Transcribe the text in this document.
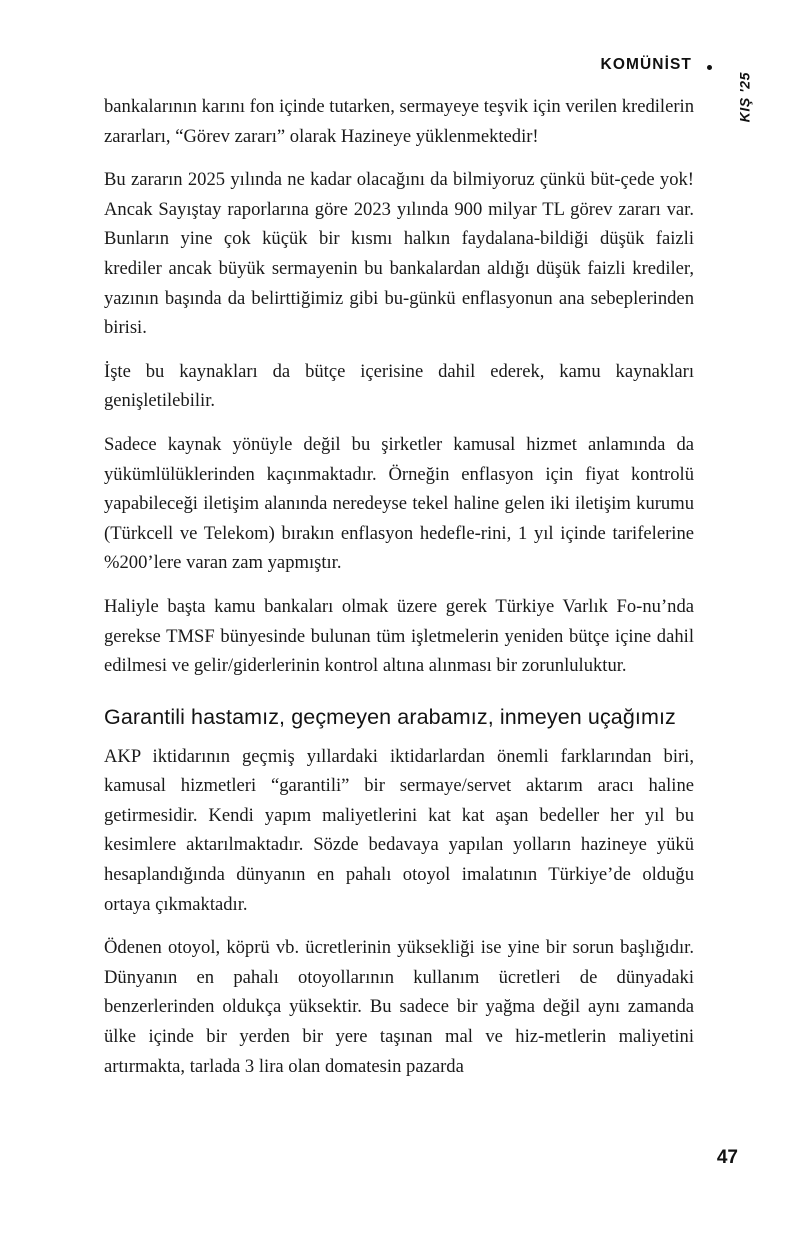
KOMÜNİST
KIŞ '25

bankalarının karını fon içinde tutarken, sermayeye teşvik için verilen kredilerin zararları, “Görev zararı” olarak Hazineye yüklenmektedir!

Bu zararın 2025 yılında ne kadar olacağını da bilmiyoruz çünkü büt-çede yok! Ancak Sayıştay raporlarına göre 2023 yılında 900 milyar TL görev zararı var. Bunların yine çok küçük bir kısmı halkın faydalana-bildiği düşük faizli krediler ancak büyük sermayenin bu bankalardan aldığı düşük faizli krediler, yazının başında da belirttiğimiz gibi bu-günkü enflasyonun ana sebeplerinden birisi.

İşte bu kaynakları da bütçe içerisine dahil ederek, kamu kaynakları genişletilebilir.

Sadece kaynak yönüyle değil bu şirketler kamusal hizmet anlamında da yükümlülüklerinden kaçınmaktadır. Örneğin enflasyon için fiyat kontrolü yapabileceği iletişim alanında neredeyse tekel haline gelen iki iletişim kurumu (Türkcell ve Telekom) bırakın enflasyon hedefle-rini, 1 yıl içinde tarifelerine %200’lere varan zam yapmıştır.

Haliyle başta kamu bankaları olmak üzere gerek Türkiye Varlık Fo-nu’nda gerekse TMSF bünyesinde bulunan tüm işletmelerin yeniden bütçe içine dahil edilmesi ve gelir/giderlerinin kontrol altına alınması bir zorunluluktur.

Garantili hastamız, geçmeyen arabamız, inmeyen uçağımız

AKP iktidarının geçmiş yıllardaki iktidarlardan önemli farklarından biri, kamusal hizmetleri “garantili” bir sermaye/servet aktarım aracı haline getirmesidir. Kendi yapım maliyetlerini kat kat aşan bedeller her yıl bu kesimlere aktarılmaktadır. Sözde bedavaya yapılan yolların hazineye yükü hesaplandığında dünyanın en pahalı otoyol imalatının Türkiye’de olduğu ortaya çıkmaktadır.

Ödenen otoyol, köprü vb. ücretlerinin yüksekliği ise yine bir sorun başlığıdır. Dünyanın en pahalı otoyollarının kullanım ücretleri de dünyadaki benzerlerinden oldukça yüksektir. Bu sadece bir yağma değil aynı zamanda ülke içinde bir yerden bir yere taşınan mal ve hiz-metlerin maliyetini artırmakta, tarlada 3 lira olan domatesin pazarda

47
